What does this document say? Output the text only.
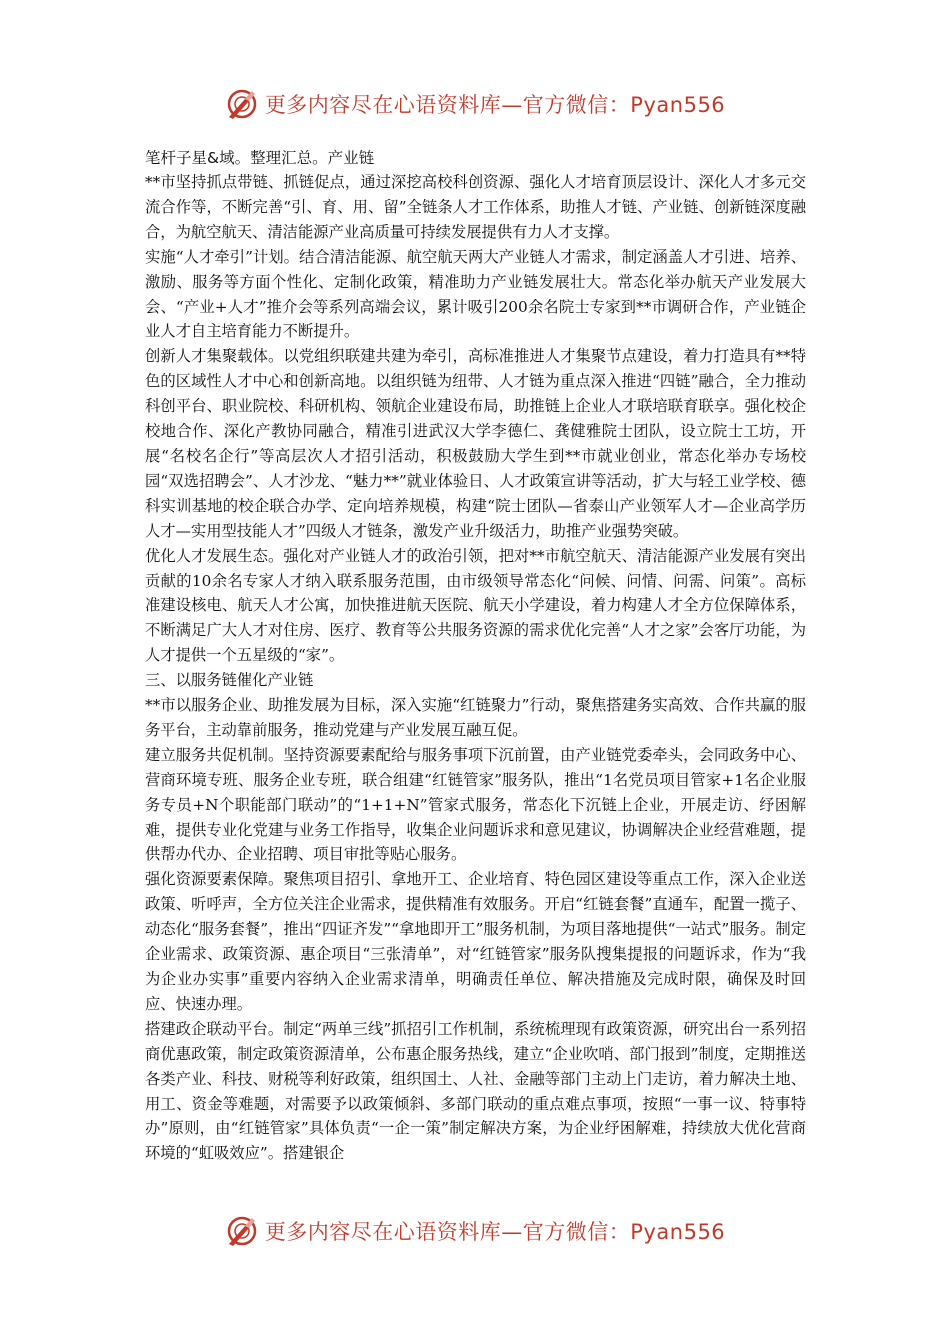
更多内容尽在心语资料库—官方微信：Pyan556

笔杆子星&域。整理汇总。产业链

**市坚持抓点带链、抓链促点，通过深挖高校科创资源、强化人才培育顶层设计、深化人才多元交流合作等，不断完善“引、育、用、留”全链条人才工作体系，助推人才链、产业链、创新链深度融合，为航空航天、清洁能源产业高质量可持续发展提供有力人才支撑。

实施“人才牵引”计划。结合清洁能源、航空航天两大产业链人才需求，制定涵盖人才引进、培养、激励、服务等方面个性化、定制化政策，精准助力产业链发展壮大。常态化举办航天产业发展大会、“产业+人才”推介会等系列高端会议，累计吸引200余名院士专家到**市调研合作，产业链企业人才自主培育能力不断提升。

创新人才集聚载体。以党组织联建共建为牵引，高标准推进人才集聚节点建设，着力打造具有**特色的区域性人才中心和创新高地。以组织链为纽带、人才链为重点深入推进“四链”融合，全力推动科创平台、职业院校、科研机构、领航企业建设布局，助推链上企业人才联培联育联享。强化校企校地合作、深化产教协同融合，精准引进武汉大学李德仁、龚健雅院士团队，设立院士工坊，开展“名校名企行”等高层次人才招引活动，积极鼓励大学生到**市就业创业，常态化举办专场校园“双选招聘会”、人才沙龙、“魅力**”就业体验日、人才政策宣讲等活动，扩大与轻工业学校、德科实训基地的校企联合办学、定向培养规模，构建“院士团队—省泰山产业领军人才—企业高学历人才—实用型技能人才”四级人才链条，激发产业升级活力，助推产业强势突破。

优化人才发展生态。强化对产业链人才的政治引领，把对**市航空航天、清洁能源产业发展有突出贡献的10余名专家人才纳入联系服务范围，由市级领导常态化“问候、问情、问需、问策”。高标准建设核电、航天人才公寓，加快推进航天医院、航天小学建设，着力构建人才全方位保障体系，不断满足广大人才对住房、医疗、教育等公共服务资源的需求优化完善“人才之家”会客厅功能，为人才提供一个五星级的“家”。

三、以服务链催化产业链

**市以服务企业、助推发展为目标，深入实施“红链聚力”行动，聚焦搭建务实高效、合作共赢的服务平台，主动靠前服务，推动党建与产业发展互融互促。

建立服务共促机制。坚持资源要素配给与服务事项下沉前置，由产业链党委牵头，会同政务中心、营商环境专班、服务企业专班，联合组建“红链管家”服务队，推出“1名党员项目管家+1名企业服务专员+N个职能部门联动”的“1+1+N”管家式服务，常态化下沉链上企业，开展走访、纾困解难，提供专业化党建与业务工作指导，收集企业问题诉求和意见建议，协调解决企业经营难题，提供帮办代办、企业招聘、项目审批等贴心服务。

强化资源要素保障。聚焦项目招引、拿地开工、企业培育、特色园区建设等重点工作，深入企业送政策、听呼声，全方位关注企业需求，提供精准有效服务。开启“红链套餐”直通车，配置一揽子、动态化“服务套餐”，推出“四证齐发”“拿地即开工”服务机制，为项目落地提供“一站式”服务。制定企业需求、政策资源、惠企项目“三张清单”，对“红链管家”服务队搜集提报的问题诉求，作为“我为企业办实事”重要内容纳入企业需求清单，明确责任单位、解决措施及完成时限，确保及时回应、快速办理。

搭建政企联动平台。制定“两单三线”抓招引工作机制，系统梳理现有政策资源，研究出台一系列招商优惠政策，制定政策资源清单，公布惠企服务热线，建立“企业吹哨、部门报到”制度，定期推送各类产业、科技、财税等利好政策，组织国土、人社、金融等部门主动上门走访，着力解决土地、用工、资金等难题，对需要予以政策倾斜、多部门联动的重点难点事项，按照“一事一议、特事特办”原则，由“红链管家”具体负责“一企一策”制定解决方案，为企业纾困解难，持续放大优化营商环境的“虹吸效应”。搭建银企

更多内容尽在心语资料库—官方微信：Pyan556
